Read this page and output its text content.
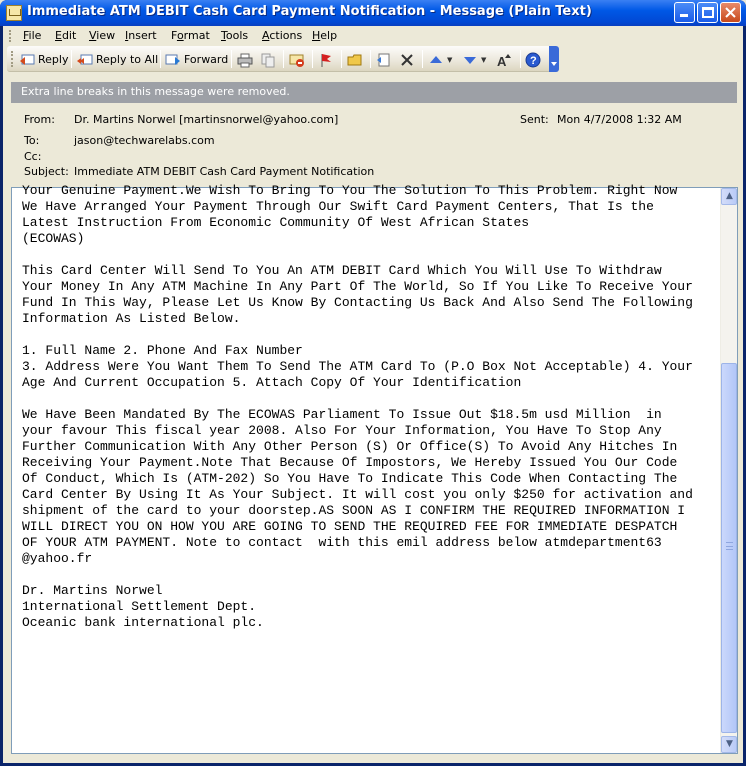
Immediate ATM DEBIT Cash Card Payment Notification - Message (Plain Text)
File Edit View Insert Format Tools Actions Help
Reply	Reply to All Forward	▼	▼ A ?
Extra line breaks in this message were removed.
From: Dr. Martins Norwel [martinsnorwel@yahoo.com]	Sent: Mon 4/7/2008 1:32 AM
To:	jason@techwarelabs.com
Cc:
Subject: Immediate ATM DEBIT Cash Card Payment Notification
Your Genuine Payment.We Wish To Bring To You The Solution To This Problem. Right Now
We Have Arranged Your Payment Through Our Swift Card Payment Centers, That Is the
Latest Instruction From Economic Community Of West African States
(ECOWAS)

This Card Center Will Send To You An ATM DEBIT Card Which You Will Use To Withdraw
Your Money In Any ATM Machine In Any Part Of The World, So If You Like To Receive Your
Fund In This Way, Please Let Us Know By Contacting Us Back And Also Send The Following
Information As Listed Below.

1. Full Name 2. Phone And Fax Number
3. Address Were You Want Them To Send The ATM Card To (P.O Box Not Acceptable) 4. Your
Age And Current Occupation 5. Attach Copy Of Your Identification

We Have Been Mandated By The ECOWAS Parliament To Issue Out $18.5m usd Million  in
your favour This fiscal year 2008. Also For Your Information, You Have To Stop Any
Further Communication With Any Other Person (S) Or Office(S) To Avoid Any Hitches In
Receiving Your Payment.Note That Because Of Impostors, We Hereby Issued You Our Code
Of Conduct, Which Is (ATM-202) So You Have To Indicate This Code When Contacting The
Card Center By Using It As Your Subject. It will cost you only $250 for activation and
shipment of the card to your doorstep.AS SOON AS I CONFIRM THE REQUIRED INFORMATION I
WILL DIRECT YOU ON HOW YOU ARE GOING TO SEND THE REQUIRED FEE FOR IMMEDIATE DESPATCH
OF YOUR ATM PAYMENT. Note to contact  with this emil address below atmdepartment63
@yahoo.fr

Dr. Martins Norwel
1nternational Settlement Dept.
Oceanic bank international plc.
▲
▼
